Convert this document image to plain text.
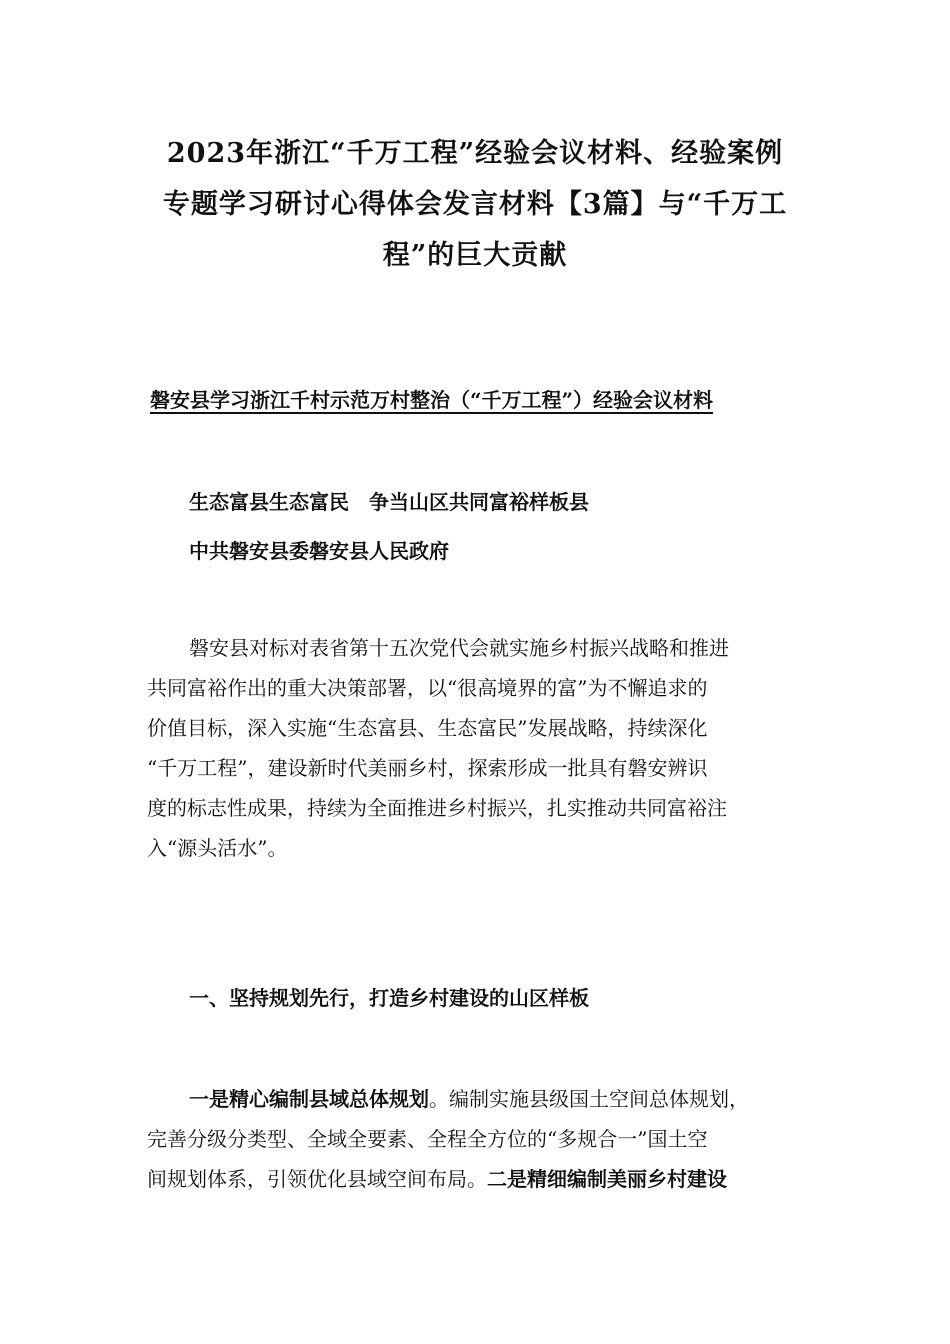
2023年浙江“千万工程”经验会议材料、经验案例
专题学习研讨心得体会发言材料【3篇】与“千万工
程”的巨大贡献
磐安县学习浙江千村示范万村整治（“千万工程”）经验会议材料
生态富县生态富民　争当山区共同富裕样板县
中共磐安县委磐安县人民政府
磐安县对标对表省第十五次党代会就实施乡村振兴战略和推进
共同富裕作出的重大决策部署，以“很高境界的富”为不懈追求的
价值目标，深入实施“生态富县、生态富民”发展战略，持续深化
“千万工程”，建设新时代美丽乡村，探索形成一批具有磐安辨识
度的标志性成果，持续为全面推进乡村振兴，扎实推动共同富裕注
入“源头活水”。
一、坚持规划先行，打造乡村建设的山区样板
一是精心编制县域总体规划。编制实施县级国土空间总体规划，
完善分级分类型、全域全要素、全程全方位的“多规合一”国土空
间规划体系，引领优化县域空间布局。二是精细编制美丽乡村建设
